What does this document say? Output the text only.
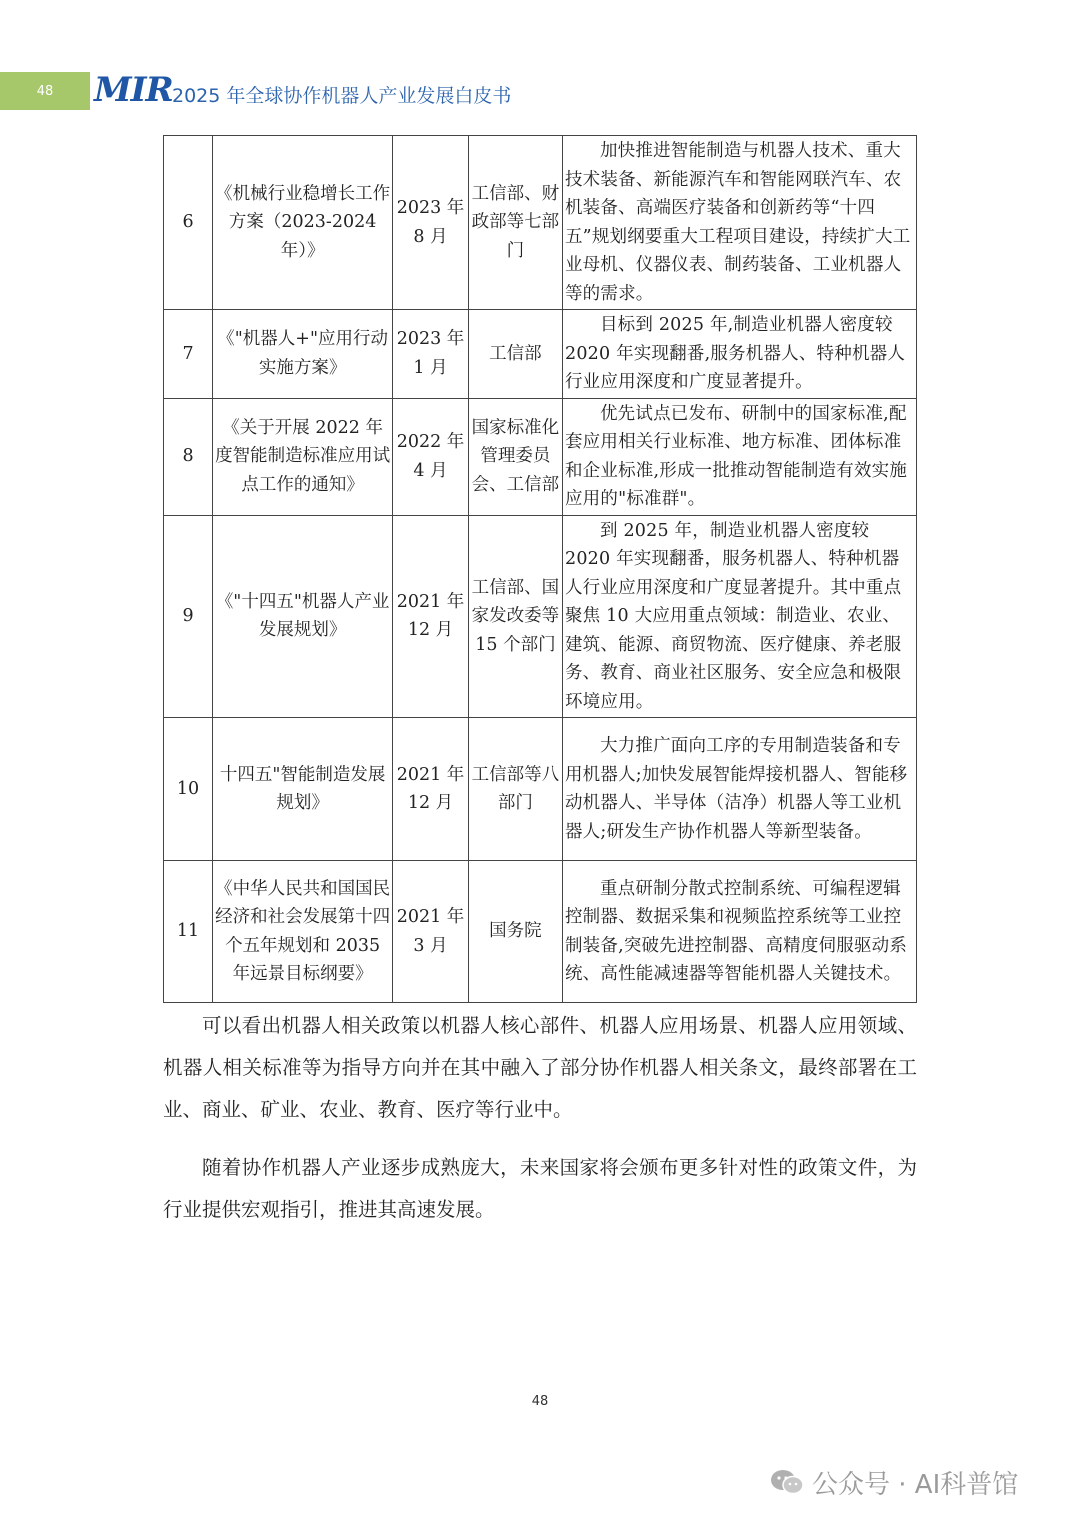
48	MIR 2025 年全球协作机器人产业发展白皮书
6	《机械行业稳增长工作方案（2023-2024 年）》	2023 年 8 月	工信部、财政部等七部门	加快推进智能制造与机器人技术、重大技术装备、新能源汽车和智能网联汽车、农机装备、高端医疗装备和创新药等“十四五”规划纲要重大工程项目建设，持续扩大工业母机、仪器仪表、制药装备、工业机器人等的需求。
7	《"机器人+"应用行动实施方案》	2023 年 1 月	工信部	目标到 2025 年,制造业机器人密度较 2020 年实现翻番,服务机器人、特种机器人行业应用深度和广度显著提升。
8	《关于开展 2022 年度智能制造标准应用试点工作的通知》	2022 年 4 月	国家标准化管理委员会、工信部	优先试点已发布、研制中的国家标准,配套应用相关行业标准、地方标准、团体标准和企业标准,形成一批推动智能制造有效实施应用的"标准群"。
9	《"十四五"机器人产业发展规划》	2021 年 12 月	工信部、国家发改委等 15 个部门	到 2025 年，制造业机器人密度较 2020 年实现翻番，服务机器人、特种机器人行业应用深度和广度显著提升。其中重点聚焦 10 大应用重点领域：制造业、农业、建筑、能源、商贸物流、医疗健康、养老服务、教育、商业社区服务、安全应急和极限环境应用。
10	十四五"智能制造发展规划》	2021 年 12 月	工信部等八部门	大力推广面向工序的专用制造装备和专用机器人;加快发展智能焊接机器人、智能移动机器人、半导体（洁净）机器人等工业机器人;研发生产协作机器人等新型装备。
11	《中华人民共和国国民经济和社会发展第十四个五年规划和 2035 年远景目标纲要》	2021 年 3 月	国务院	重点研制分散式控制系统、可编程逻辑控制器、数据采集和视频监控系统等工业控制装备,突破先进控制器、高精度伺服驱动系统、高性能减速器等智能机器人关键技术。

可以看出机器人相关政策以机器人核心部件、机器人应用场景、机器人应用领域、机器人相关标准等为指导方向并在其中融入了部分协作机器人相关条文，最终部署在工业、商业、矿业、农业、教育、医疗等行业中。

随着协作机器人产业逐步成熟庞大，未来国家将会颁布更多针对性的政策文件，为行业提供宏观指引，推进其高速发展。

48
公众号 · AI科普馆
